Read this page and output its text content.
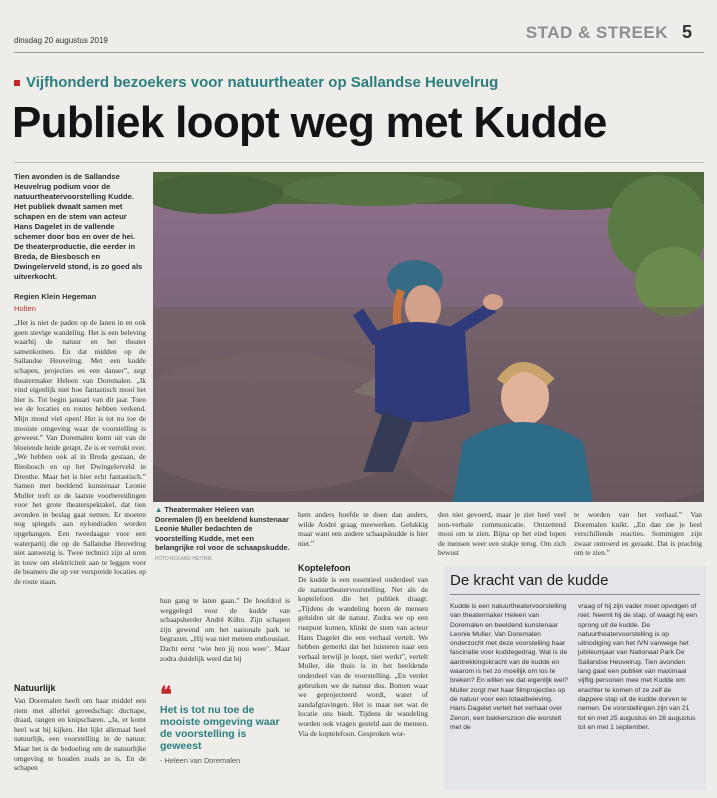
dinsdag 20 augustus 2019	STAD & STREEK 5
Vijfhonderd bezoekers voor natuurtheater op Sallandse Heuvelrug
Publiek loopt weg met Kudde
Tien avonden is de Sallandse Heuvelrug podium voor de natuurtheatervoorstelling Kudde. Het publiek dwaalt samen met schapen en de stem van acteur Hans Dagelet in de vallende schemer door bos en over de hei. De theaterproductie, die eerder in Breda, de Biesbosch en Dwingelerveld stond, is zo goed als uitverkocht.
Regien Klein Hegeman
Holten
„Het is niet de paden op de lanen in en ook geen stevige wandeling. Het is een beleving waarbij de natuur en het theater samenkomen. En dat midden op de Sallandse Heuvelrug. Met een kudde schapen, projecties en een danser”, zegt theatermaker Heleen van Doremalen. „Ik vind eigenlijk niet hoe fantastisch mooi het hier is. Tot begin januari van dit jaar. Toen we de locaties en routes hebben verkend. Mijn mond viel open! Het is tot nu toe de mooiste omgeving waar de voorstelling is geweest.” Van Doremalen komt uit van de bloeiende heide getapt. Ze is er verrukt over. „We hebben ook al in Breda gestaan, de Biesbosch en op het Dwingelerveld in Drenthe. Maar het is hier echt fantastisch.” Samen met beeldend kunstenaar Leonie Muller treft ze de laatste voorbereidingen voor het grote theaterspektakel, dat tien avonden in beslag gaat nemen. Er moeten nog spiegels aan nylondraden worden opgehangen. Een tweedaagse voor een waterpartij die op de Sallandse Heuvelrug niet aanwezig is. Twee technici zijn al uren in touw om elektriciteit aan te leggen voor de beamers die op ver verspreide locaties op de route staan.
Natuurlijk
Van Doremalen heeft om haar middel een riem met allerlei gereedschap: ducttape, draad, rangen en knipscharen. „Ja, er komt heel wat bij kijken. Het lijkt allemaal heel natuurlijk, een voorstelling in de natuur. Maar het is de bedoeling om de natuurlijke omgeving te houden zoals ze is. En de schapen
▲ Theatermaker Heleen van Doremalen (l) en beeldend kunstenaar Leonie Muller bedachten de voorstelling Kudde, met een belangrijke rol voor de schaapskudde. FOTO ROLAND HEITINK
hun gang te laten gaan.” De hoofdrol is weggelegd voor de kudde van schaapsherder André Kühn. Zijn schapen zijn gewend om het nationale park te begrazen. „Hij was niet meteen enthousiast. Dacht eerst ‘wie ben jij nou weer’. Maar zodra duidelijk werd dat hij
❝
Het is tot nu toe de mooiste omgeving waar de voorstelling is geweest
- Heleen van Doremalen
hem anders hoefde te doen dan anders, wilde André graag meewerken. Gelukkig maar want een andere schaapskudde is hier niet.”
Koptelefoon
De kudde is een essentieel onderdeel van de natuurtheatervoorstelling. Net als de koptelefoon die het publiek draagt. „Tijdens de wandeling horen de mensen geluiden uit de natuur. Zodra we op een rustpunt komen, klinkt de stem van acteur Hans Dagelet die een verhaal vertelt. We hebben gemerkt dat het luisteren naar een verhaal terwijl je loopt, niet werkt”, vertelt Muller, die thuis is in het beeldende onderdeel van de voorstelling. „En verder gebruiken we de natuur dus. Bomen waar we geprojecteerd wordt, water of zandafgravingen. Het is maar net wat de locatie ons biedt. Tijdens de wandeling worden ook vragen gesteld aan de mensen. Via de koptelefoon. Gesproken wor-
den niet gevoerd, maar je ziet heel veel non-verbale communicatie. Ontzettend mooi om te zien. Bijna op het eind lopen de mensen weer een stukje terug. Om zich bewust
te worden van het verhaal.” Van Doremalen knikt. „En dan zie je heel verschillende reacties. Sommigen zijn zwaar ontroerd en geraakt. Dat is prachtig om te zien.”
De kracht van de kudde
Kudde is een natuurtheatervoorstelling van theatermaker Heleen van Doremalen en beeldend kunstenaar Leonie Muller. Van Doremalen onderzocht met deze voorstelling haar fascinatie voor kuddegedrag. Wat is de aantrekkingskracht van de kudde en waarom is het zo moeilijk om los te breken? En willen we dat eigenlijk wel? Muller zorgt met haar filmprojecties op de natuur voor een totaalbeleving. Hans Dagelet vertelt het verhaal over Zenon, een bakkerszoon die worstelt met de
vraag of hij zijn vader moet opvolgen of niet. Neemt hij de stap, of waagt hij een sprong uit de kudde. De natuurtheatervoorstelling is op uitnodiging van het IVN vanwege het jubileumjaar van Nationaal Park De Sallandse Heuvelrug. Tien avonden lang gaat een publiek van maximaal vijftig personen mee met Kudde om erachter te komen of ze zelf de dappere stap uit de kudde durven te nemen. De voorstellingen zijn van 21 tot en met 25 augustus en 28 augustus tot en met 1 september.
